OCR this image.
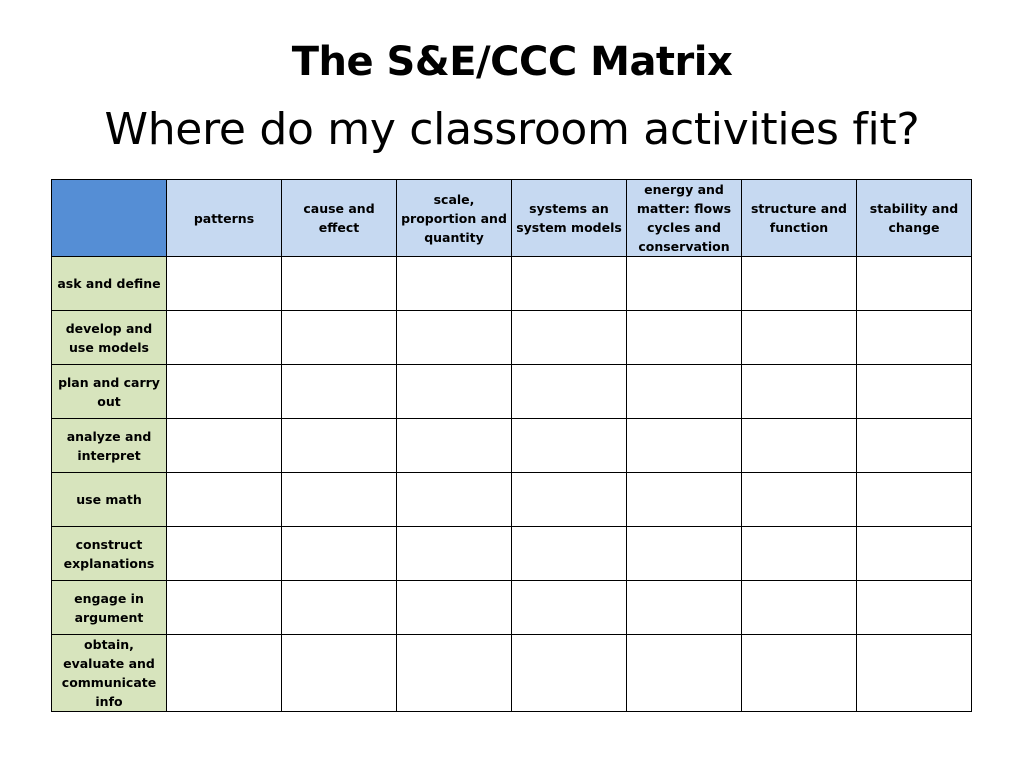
The S&E/CCC Matrix
Where do my classroom activities fit?
	patterns	cause and effect	scale, proportion and quantity	systems an system models	energy and matter: flows cycles and conservation	structure and function	stability and change
ask and define							
develop and use models							
plan and carry out							
analyze and interpret							
use math							
construct explanations							
engage in argument							
obtain, evaluate and communicate info							
